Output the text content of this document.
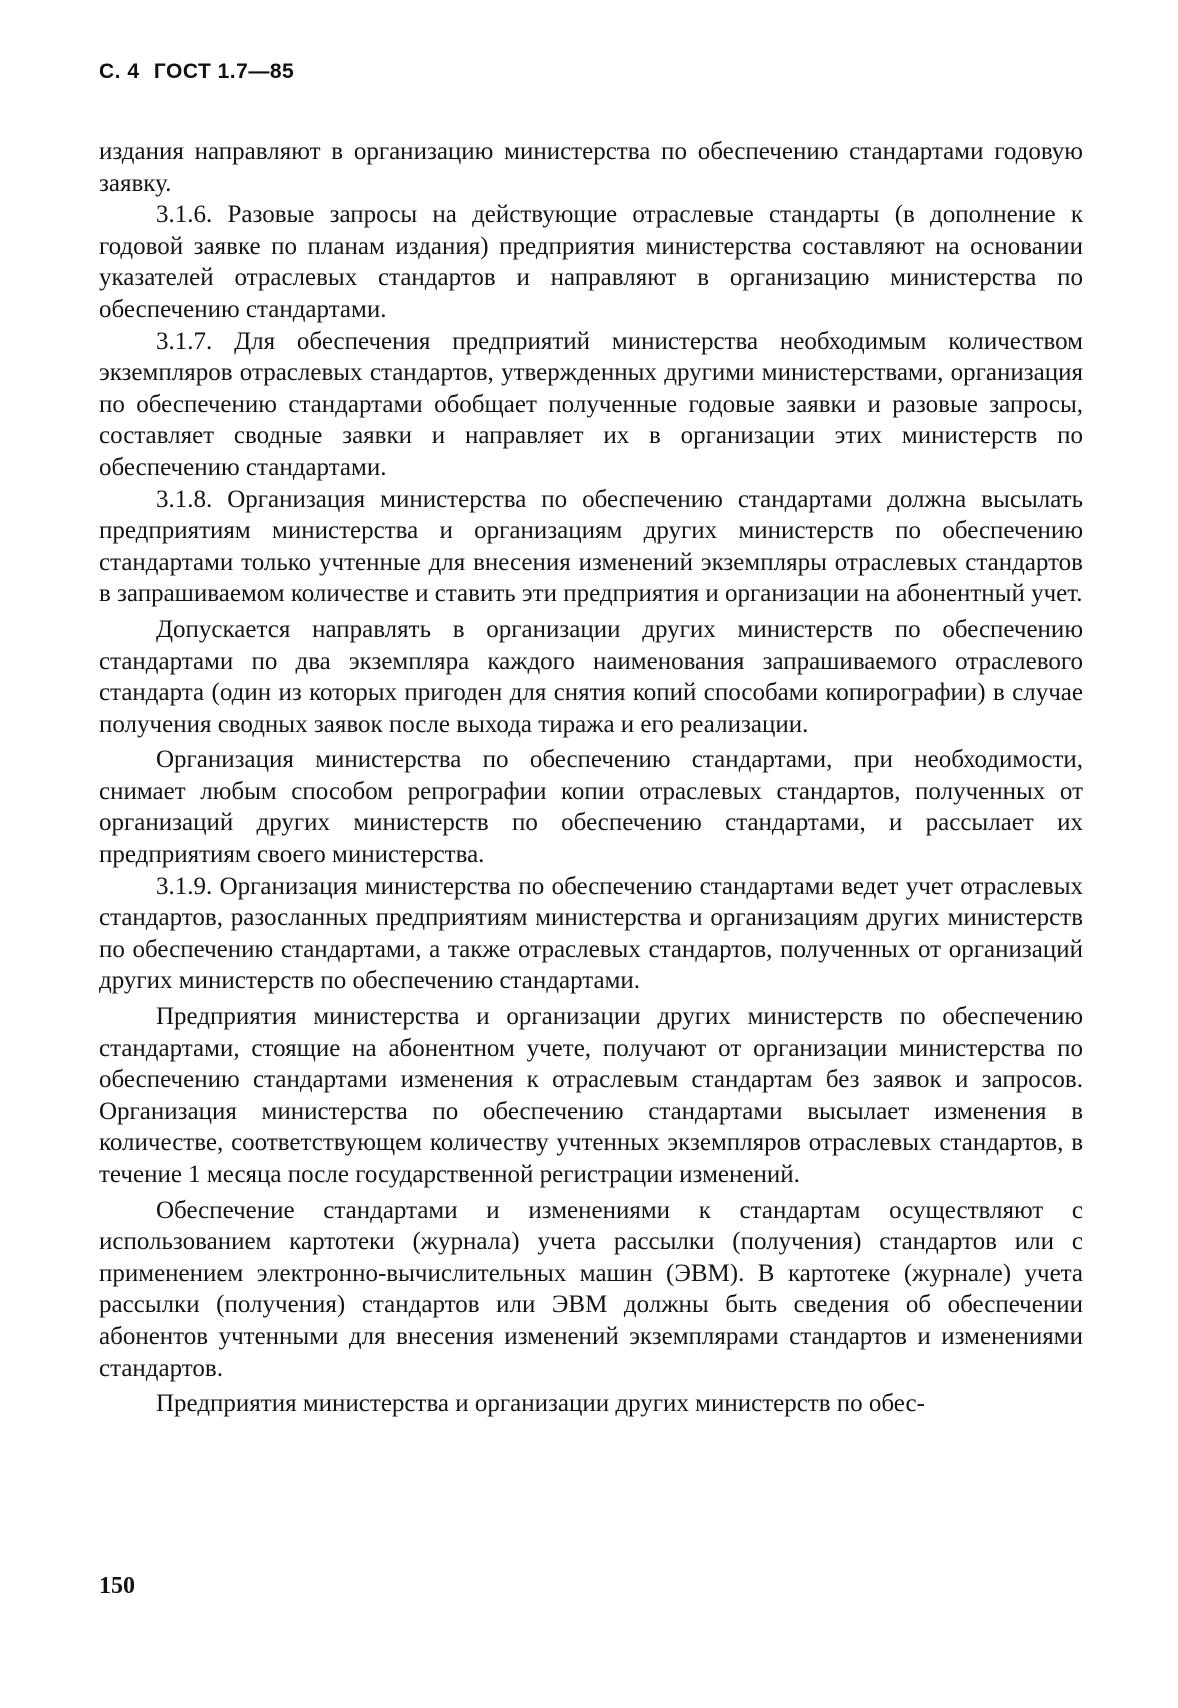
С. 4 ГОСТ 1.7—85

издания направляют в организацию министерства по обеспечению стандартами годовую заявку.

3.1.6. Разовые запросы на действующие отраслевые стандарты (в дополнение к годовой заявке по планам издания) предприятия министерства составляют на основании указателей отраслевых стандартов и направляют в организацию министерства по обеспечению стандартами.

3.1.7. Для обеспечения предприятий министерства необходимым количеством экземпляров отраслевых стандартов, утвержденных другими министерствами, организация по обеспечению стандартами обобщает полученные годовые заявки и разовые запросы, составляет сводные заявки и направляет их в организации этих министерств по обеспечению стандартами.

3.1.8. Организация министерства по обеспечению стандартами должна высылать предприятиям министерства и организациям других министерств по обеспечению стандартами только учтенные для внесения изменений экземпляры отраслевых стандартов в запрашиваемом количестве и ставить эти предприятия и организации на абонентный учет.

Допускается направлять в организации других министерств по обеспечению стандартами по два экземпляра каждого наименования запрашиваемого отраслевого стандарта (один из которых пригоден для снятия копий способами копирографии) в случае получения сводных заявок после выхода тиража и его реализации.

Организация министерства по обеспечению стандартами, при необходимости, снимает любым способом репрографии копии отраслевых стандартов, полученных от организаций других министерств по обеспечению стандартами, и рассылает их предприятиям своего министерства.

3.1.9. Организация министерства по обеспечению стандартами ведет учет отраслевых стандартов, разосланных предприятиям министерства и организациям других министерств по обеспечению стандартами, а также отраслевых стандартов, полученных от организаций других министерств по обеспечению стандартами.

Предприятия министерства и организации других министерств по обеспечению стандартами, стоящие на абонентном учете, получают от организации министерства по обеспечению стандартами изменения к отраслевым стандартам без заявок и запросов. Организация министерства по обеспечению стандартами высылает изменения в количестве, соответствующем количеству учтенных экземпляров отраслевых стандартов, в течение 1 месяца после государственной регистрации изменений.

Обеспечение стандартами и изменениями к стандартам осуществляют с использованием картотеки (журнала) учета рассылки (получения) стандартов или с применением электронно-вычислительных машин (ЭВМ). В картотеке (журнале) учета рассылки (получения) стандартов или ЭВМ должны быть сведения об обеспечении абонентов учтенными для внесения изменений экземплярами стандартов и изменениями стандартов.

Предприятия министерства и организации других министерств по обес-

150
